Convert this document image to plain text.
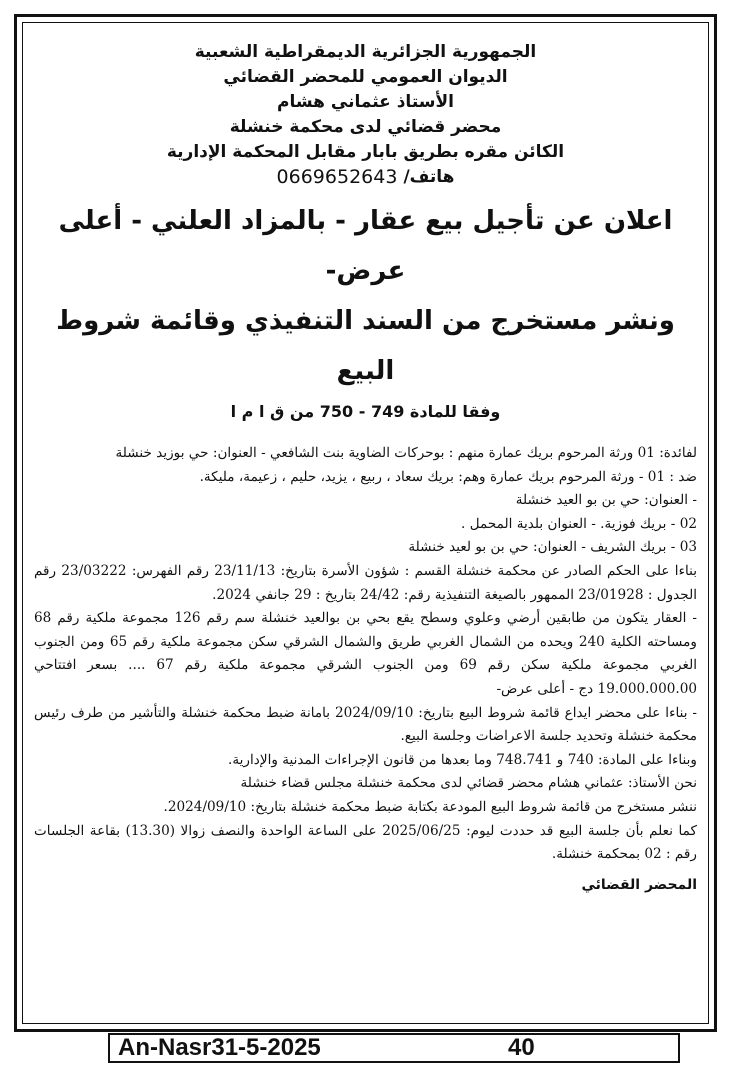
الجمهورية الجزائرية الديمقراطية الشعبية
الديوان العمومي للمحضر القضائي
الأستاذ عثماني هشام
محضر قضائي لدى محكمة خنشلة
الكائن مقره بطريق بابار مقابل المحكمة الإدارية
هاتف/
0669652643
اعلان عن تأجيل بيع عقار - بالمزاد العلني - أعلى عرض-
ونشر مستخرج من السند التنفيذي وقائمة شروط البيع
وفقا للمادة 749 - 750 من ق ا م ا

لفائدة: 01 ورثة المرحوم بريك عمارة منهم : بوحركات الضاوية بنت الشافعي - العنوان: حي بوزيد خنشلة

ضد : 01 - ورثة المرحوم بريك عمارة وهم: بريك سعاد ، ربيع ، يزيد، حليم ، زعيمة، مليكة.

- العنوان: حي بن بو العيد خنشلة

02 - بريك فوزية. - العنوان بلدية المحمل .

03 - بريك الشريف - العنوان: حي بن بو لعيد خنشلة

بناءا على الحكم الصادر عن محكمة خنشلة القسم : شؤون الأسرة بتاريخ: 23/11/13 رقم الفهرس: 23/03222 رقم الجدول : 23/01928 الممهور بالصيغة التنفيذية رقم: 24/42 بتاريخ : 29 جانفي 2024.

- العقار يتكون من طابقين أرضي وعلوي وسطح يقع بحي بن بوالعيد خنشلة سم رقم 126 مجموعة ملكية رقم 68 ومساحته الكلية 240 ويحده من الشمال الغربي طريق والشمال الشرقي سكن مجموعة ملكية رقم 65 ومن الجنوب الغربي مجموعة ملكية سكن رقم 69 ومن الجنوب الشرقي مجموعة ملكية رقم 67 .... بسعر افتتاحي 19.000.000.00 دج - أعلى عرض-

- بناءا على محضر ايداع قائمة شروط البيع بتاريخ: 2024/09/10 بامانة ضبط محكمة خنشلة والتأشير من طرف رئيس محكمة خنشلة وتحديد جلسة الاعراضات وجلسة البيع.

وبناءا على المادة: 740 و 748.741 وما بعدها من قانون الإجراءات المدنية والإدارية.

نحن الأستاذ: عثماني هشام محضر قضائي لدى محكمة خنشلة مجلس قضاء خنشلة

ننشر مستخرج من قائمة شروط البيع المودعة بكتابة ضبط محكمة خنشلة بتاريخ: 2024/09/10.

كما نعلم بأن جلسة البيع قد حددت ليوم: 2025/06/25 على الساعة الواحدة والنصف زوالا (13.30) بقاعة الجلسات رقم : 02 بمحكمة خنشلة.

المحضر القضائي
An-Nasr31-5-2025	40
